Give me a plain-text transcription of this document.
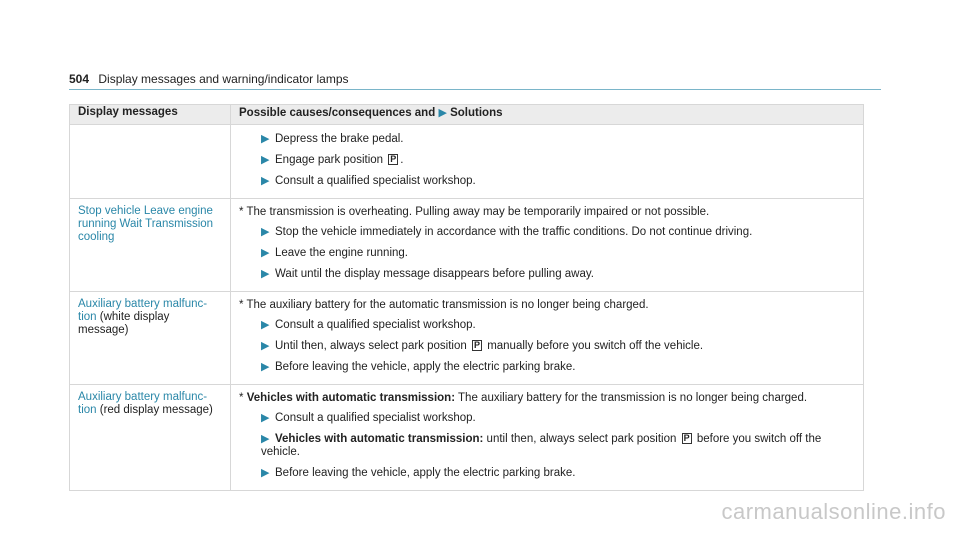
504 Display messages and warning/indicator lamps
Display messages	Possible causes/consequences and ▶ Solutions

	▶ Depress the brake pedal.
▶ Engage park position P .
▶ Consult a qualified specialist workshop.

Stop vehicle Leave engine running Wait Transmission cooling	* The transmission is overheating. Pulling away may be temporarily impaired or not possible.
▶ Stop the vehicle immediately in accordance with the traffic conditions. Do not continue driving.
▶ Leave the engine running.
▶ Wait until the display message disappears before pulling away.

Auxiliary battery malfunc-tion (white display message)	* The auxiliary battery for the automatic transmission is no longer being charged.
▶ Consult a qualified specialist workshop.
▶ Until then, always select park position P manually before you switch off the vehicle.
▶ Before leaving the vehicle, apply the electric parking brake.

Auxiliary battery malfunc-tion (red display message)	* Vehicles with automatic transmission: The auxiliary battery for the transmission is no longer being charged.
▶ Consult a qualified specialist workshop.
▶ Vehicles with automatic transmission: until then, always select park position P before you switch off the vehicle.
▶ Before leaving the vehicle, apply the electric parking brake.
carmanualsonline.info
